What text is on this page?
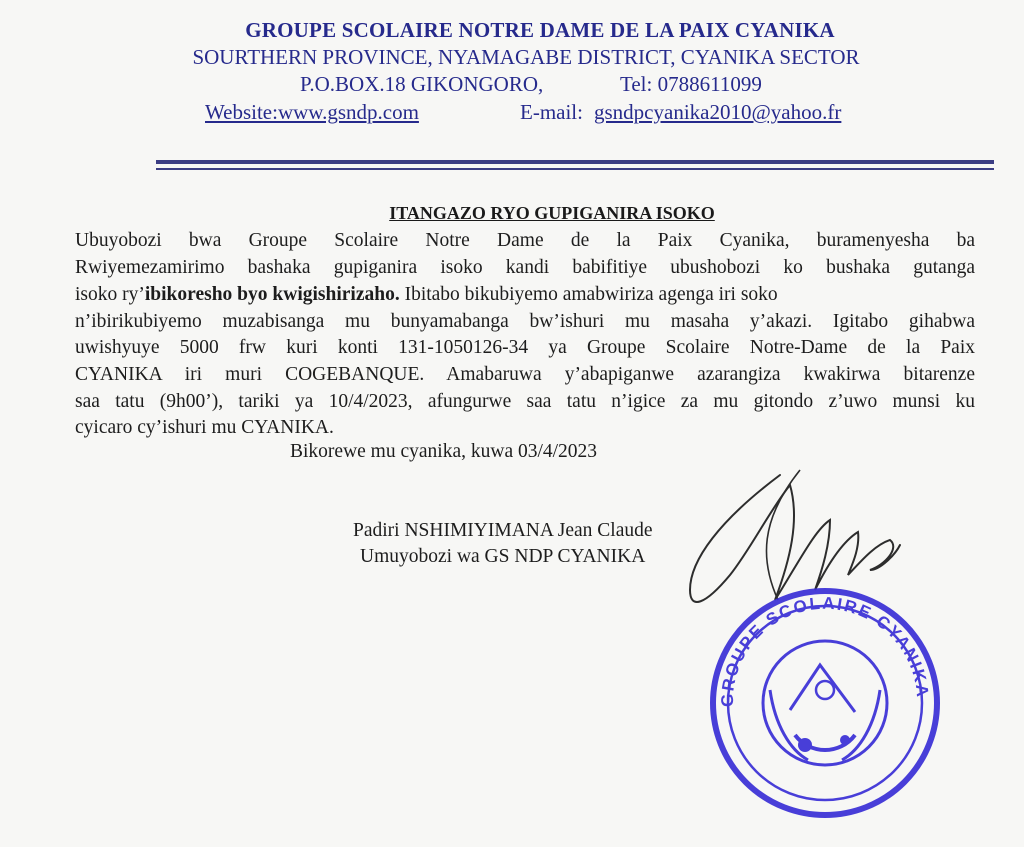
GROUPE SCOLAIRE NOTRE DAME DE LA PAIX CYANIKA
SOURTHERN PROVINCE, NYAMAGABE DISTRICT, CYANIKA SECTOR
P.O.BOX.18 GIKONGORO,	Tel: 0788611099
Website:www.gsndp.com	E-mail: gsndpcyanika2010@yahoo.fr
ITANGAZO RYO GUPIGANIRA ISOKO
Ubuyobozi bwa Groupe Scolaire Notre Dame de la Paix Cyanika, buramenyesha ba
Rwiyemezamirimo bashaka gupiganira isoko kandi babifitiye ubushobozi ko bushaka gutanga
isoko ry’ibikoresho byo kwigishirizaho. Ibitabo bikubiyemo amabwiriza agenga iri soko
n’ibirikubiyemo muzabisanga mu bunyamabanga bw’ishuri mu masaha y’akazi. Igitabo gihabwa
uwishyuye 5000 frw kuri konti 131-1050126-34 ya Groupe Scolaire Notre-Dame de la Paix
CYANIKA iri muri COGEBANQUE. Amabaruwa y’abapiganwe azarangiza kwakirwa bitarenze
saa tatu (9h00’), tariki ya 10/4/2023, afungurwe saa tatu n’igice za mu gitondo z’uwo munsi ku
cyicaro cy’ishuri mu CYANIKA.
Bikorewe mu cyanika, kuwa 03/4/2023
Padiri NSHIMIYIMANA Jean Claude
Umuyobozi wa GS NDP CYANIKA
GROUPE SCOLAIRE CYANIKA
